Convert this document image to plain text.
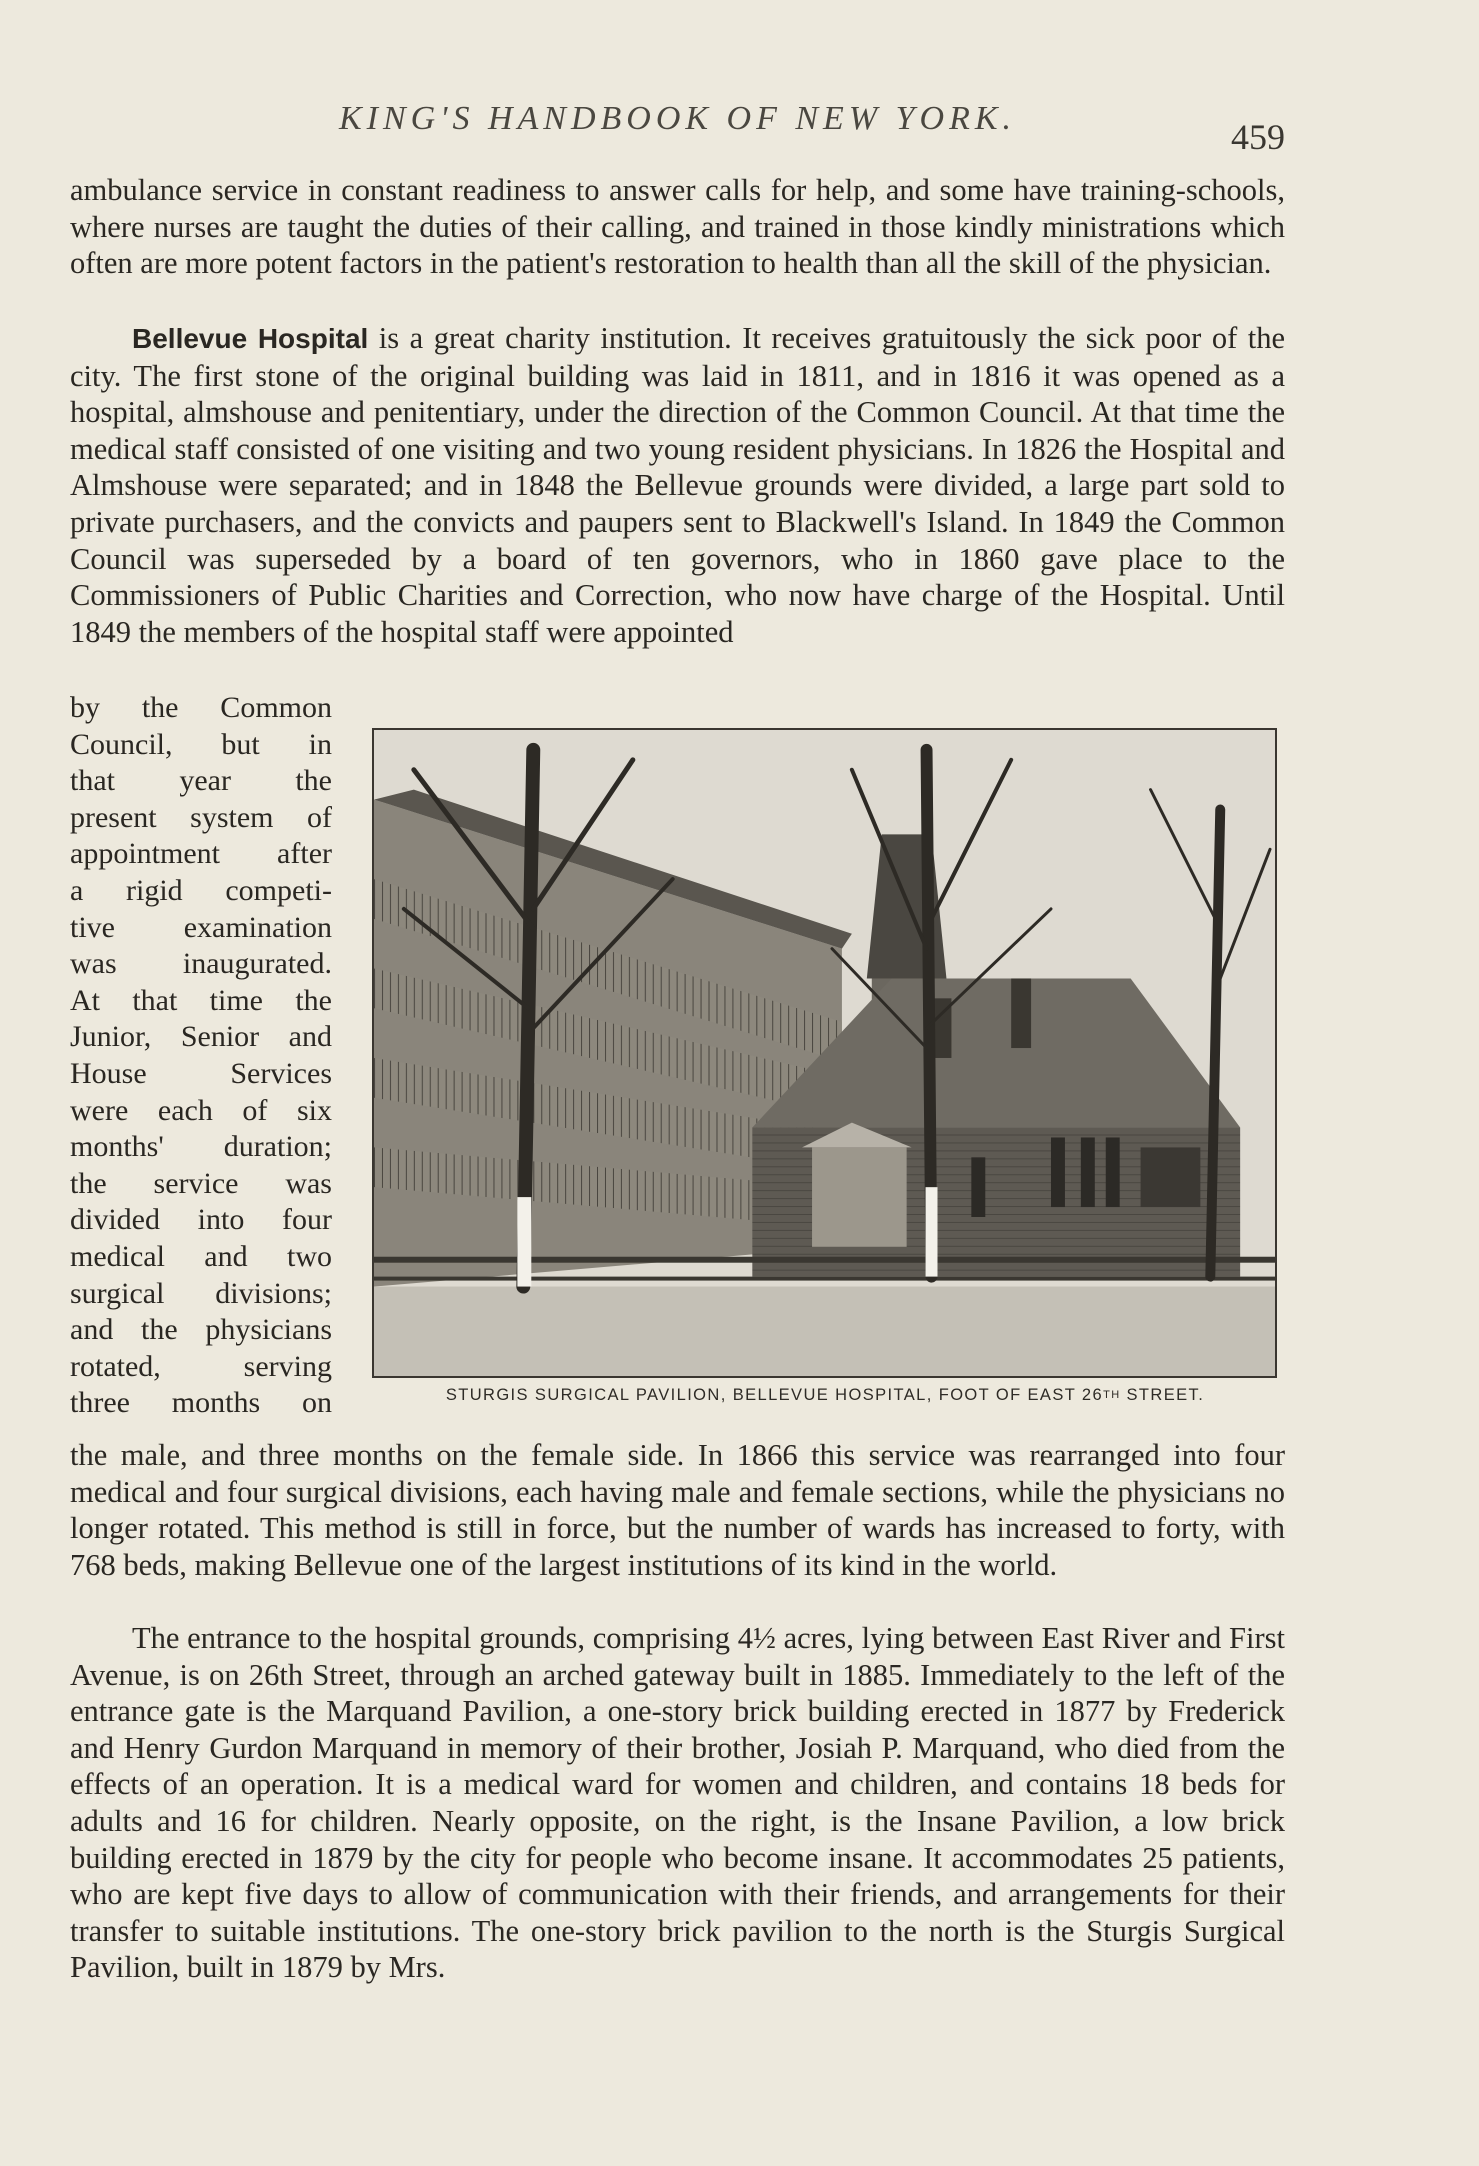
KING'S HANDBOOK OF NEW YORK.	459

ambulance service in constant readiness to answer calls for help, and some have training-schools, where nurses are taught the duties of their calling, and trained in those kindly ministrations which often are more potent factors in the patient's restoration to health than all the skill of the physician.

Bellevue Hospital is a great charity institution. It receives gratuitously the sick poor of the city. The first stone of the original building was laid in 1811, and in 1816 it was opened as a hospital, almshouse and penitentiary, under the direction of the Common Council. At that time the medical staff consisted of one visiting and two young resident physicians. In 1826 the Hospital and Almshouse were separated; and in 1848 the Bellevue grounds were divided, a large part sold to private purchasers, and the convicts and paupers sent to Blackwell's Island. In 1849 the Common Council was superseded by a board of ten governors, who in 1860 gave place to the Commissioners of Public Charities and Correction, who now have charge of the Hospital. Until 1849 the members of the hospital staff were appointed

by the Common
Council, but in
that year the
present system of
appointment after
a rigid competi-
tive examination
was inaugurated.
At that time the
Junior, Senior and
House Services
were each of six
months' duration;
the service was
divided into four
medical and two
surgical divisions;
and the physicians
rotated, serving
three months on	STURGIS SURGICAL PAVILION, BELLEVUE HOSPITAL, FOOT OF EAST 26TH STREET.

the male, and three months on the female side. In 1866 this service was rearranged into four medical and four surgical divisions, each having male and female sections, while the physicians no longer rotated. This method is still in force, but the number of wards has increased to forty, with 768 beds, making Bellevue one of the largest institutions of its kind in the world.

The entrance to the hospital grounds, comprising 4½ acres, lying between East River and First Avenue, is on 26th Street, through an arched gateway built in 1885. Immediately to the left of the entrance gate is the Marquand Pavilion, a one-story brick building erected in 1877 by Frederick and Henry Gurdon Marquand in memory of their brother, Josiah P. Marquand, who died from the effects of an operation. It is a medical ward for women and children, and contains 18 beds for adults and 16 for children. Nearly opposite, on the right, is the Insane Pavilion, a low brick building erected in 1879 by the city for people who become insane. It accommodates 25 patients, who are kept five days to allow of communication with their friends, and arrangements for their transfer to suitable institutions. The one-story brick pavilion to the north is the Sturgis Surgical Pavilion, built in 1879 by Mrs.
